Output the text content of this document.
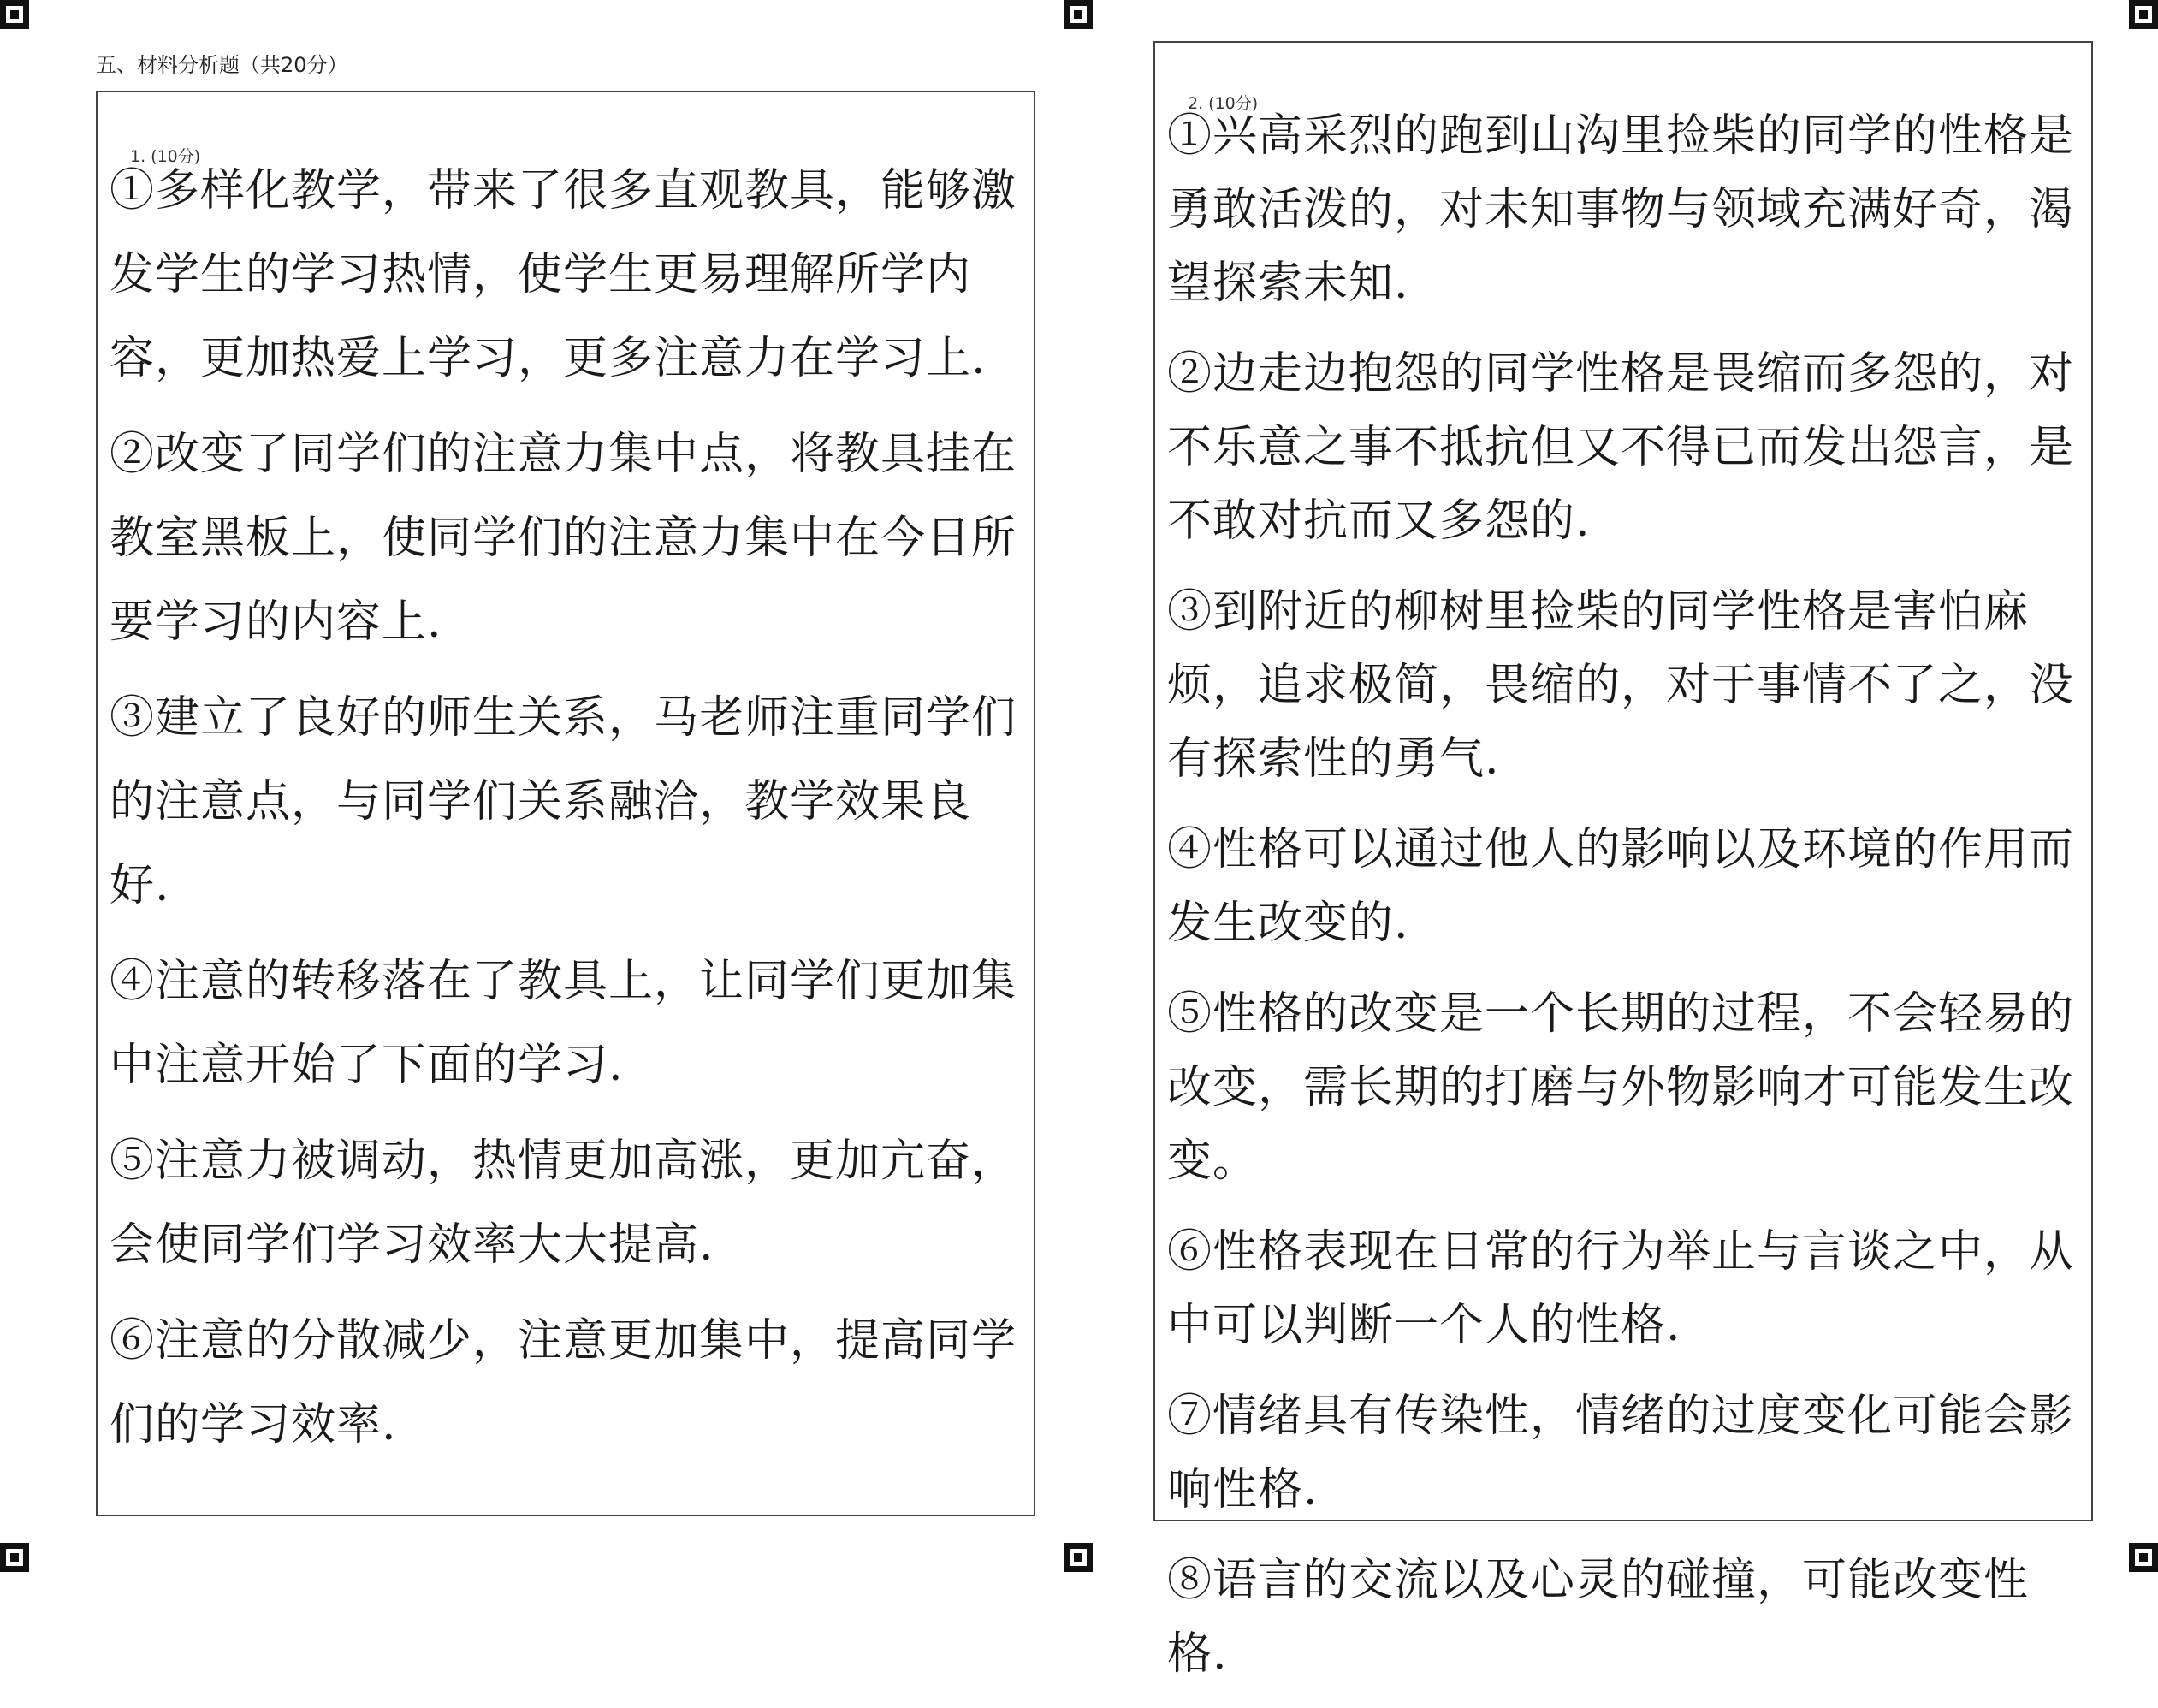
五、材料分析题（共20分）
1. (10分)

①多样化教学，带来了很多直观教具，能够激发学生的学习热情，使学生更易理解所学内容，更加热爱上学习，更多注意力在学习上.

②改变了同学们的注意力集中点，将教具挂在教室黑板上，使同学们的注意力集中在今日所要学习的内容上.

③建立了良好的师生关系，马老师注重同学们的注意点，与同学们关系融洽，教学效果良好.

④注意的转移落在了教具上，让同学们更加集中注意开始了下面的学习.

⑤注意力被调动，热情更加高涨，更加亢奋，会使同学们学习效率大大提高.

⑥注意的分散减少，注意更加集中，提高同学们的学习效率.

2. (10分)

①兴高采烈的跑到山沟里捡柴的同学的性格是勇敢活泼的，对未知事物与领域充满好奇，渴望探索未知.

②边走边抱怨的同学性格是畏缩而多怨的，对不乐意之事不抵抗但又不得已而发出怨言，是不敢对抗而又多怨的.

③到附近的柳树里捡柴的同学性格是害怕麻烦，追求极简，畏缩的，对于事情不了之，没有探索性的勇气.

④性格可以通过他人的影响以及环境的作用而发生改变的.

⑤性格的改变是一个长期的过程，不会轻易的改变，需长期的打磨与外物影响才可能发生改变。

⑥性格表现在日常的行为举止与言谈之中，从中可以判断一个人的性格.

⑦情绪具有传染性，情绪的过度变化可能会影响性格.

⑧语言的交流以及心灵的碰撞，可能改变性格.
